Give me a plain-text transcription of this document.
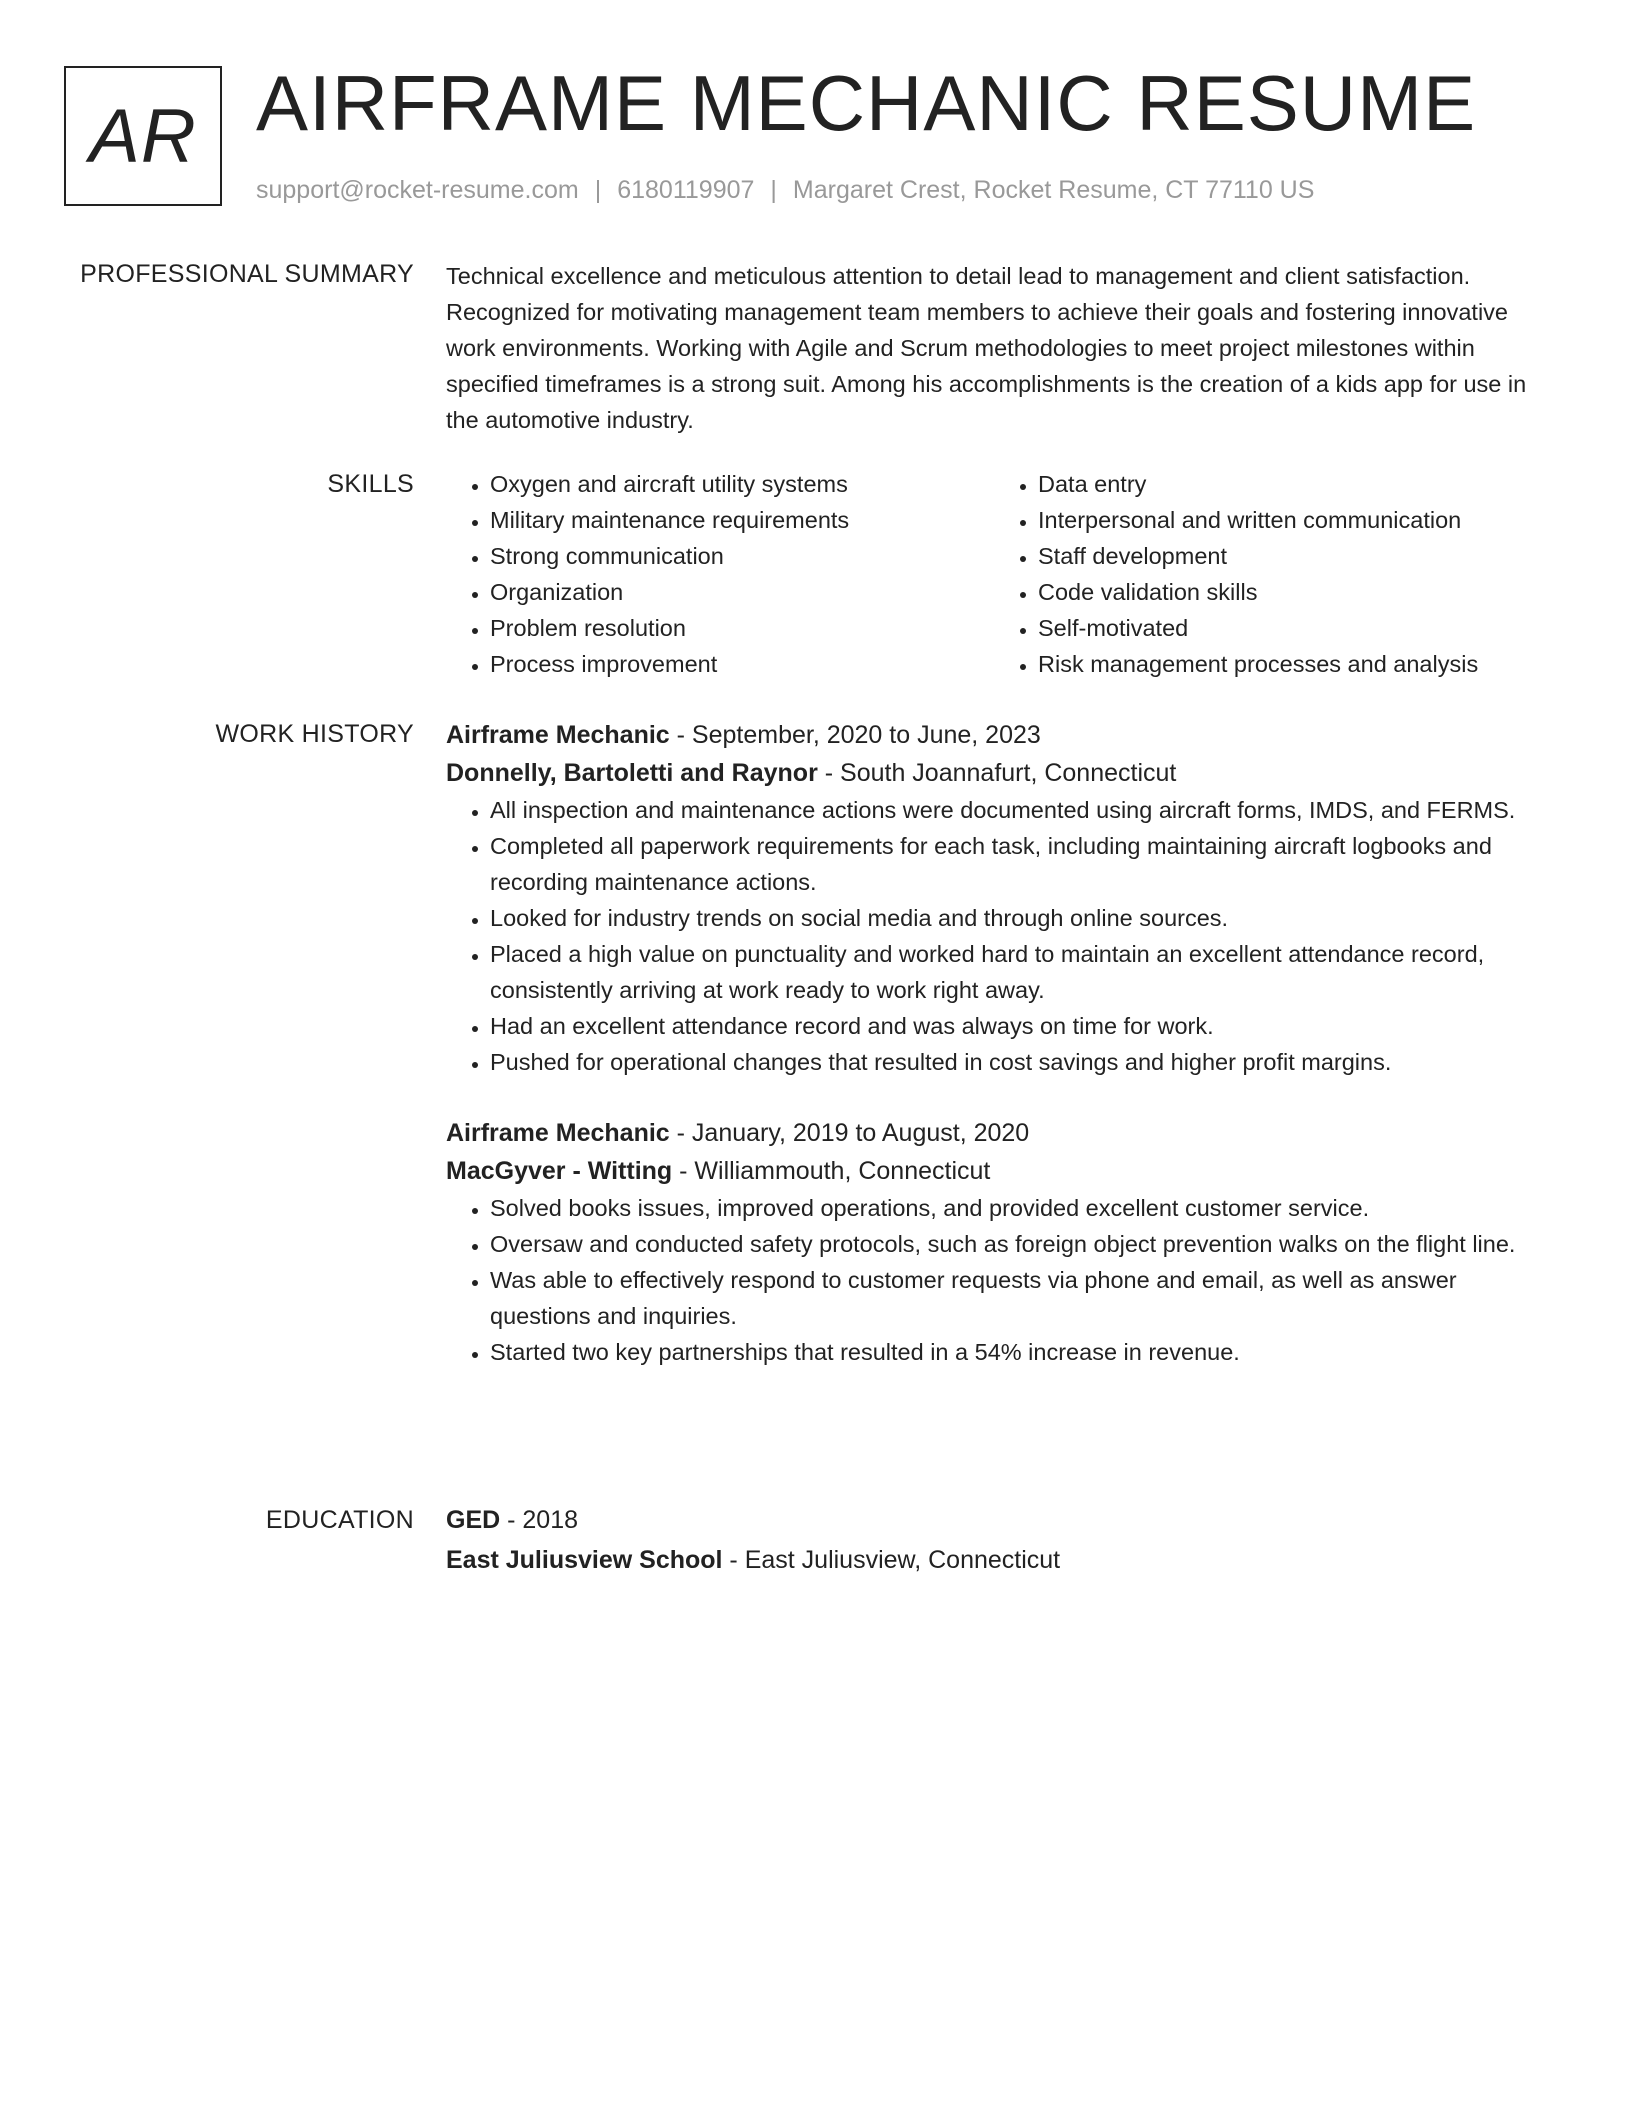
AR AIRFRAME MECHANIC RESUME
support@rocket-resume.com | 6180119907 | Margaret Crest, Rocket Resume, CT 77110 US
PROFESSIONAL SUMMARY Technical excellence and meticulous attention to detail lead to management and client satisfaction. Recognized for motivating management team members to achieve their goals and fostering innovative work environments. Working with Agile and Scrum methodologies to meet project milestones within specified timeframes is a strong suit. Among his accomplishments is the creation of a kids app for use in the automotive industry.

SKILLS
•	Oxygen and aircraft utility systems
• Military maintenance requirements
• Strong communication
• Organization
• Problem resolution
• Process improvement
• Data entry
• Interpersonal and written communication
• Staff development
• Code validation skills
• Self-motivated
• Risk management processes and analysis
WORK HISTORY Airframe Mechanic - September, 2020 to June, 2023
Donnelly, Bartoletti and Raynor - South Joannafurt, Connecticut
• All inspection and maintenance actions were documented using aircraft forms, IMDS, and FERMS.
• Completed all paperwork requirements for each task, including maintaining aircraft logbooks and recording maintenance actions.
• Looked for industry trends on social media and through online sources.
• Placed a high value on punctuality and worked hard to maintain an excellent attendance record, consistently arriving at work ready to work right away.
• Had an excellent attendance record and was always on time for work.
• Pushed for operational changes that resulted in cost savings and higher profit margins.
Airframe Mechanic - January, 2019 to August, 2020
MacGyver - Witting - Williammouth, Connecticut
• Solved books issues, improved operations, and provided excellent customer service.
• Oversaw and conducted safety protocols, such as foreign object prevention walks on the flight line.
• Was able to effectively respond to customer requests via phone and email, as well as answer questions and inquiries.
• Started two key partnerships that resulted in a 54% increase in revenue.
EDUCATION GED - 2018
East Juliusview School - East Juliusview, Connecticut
